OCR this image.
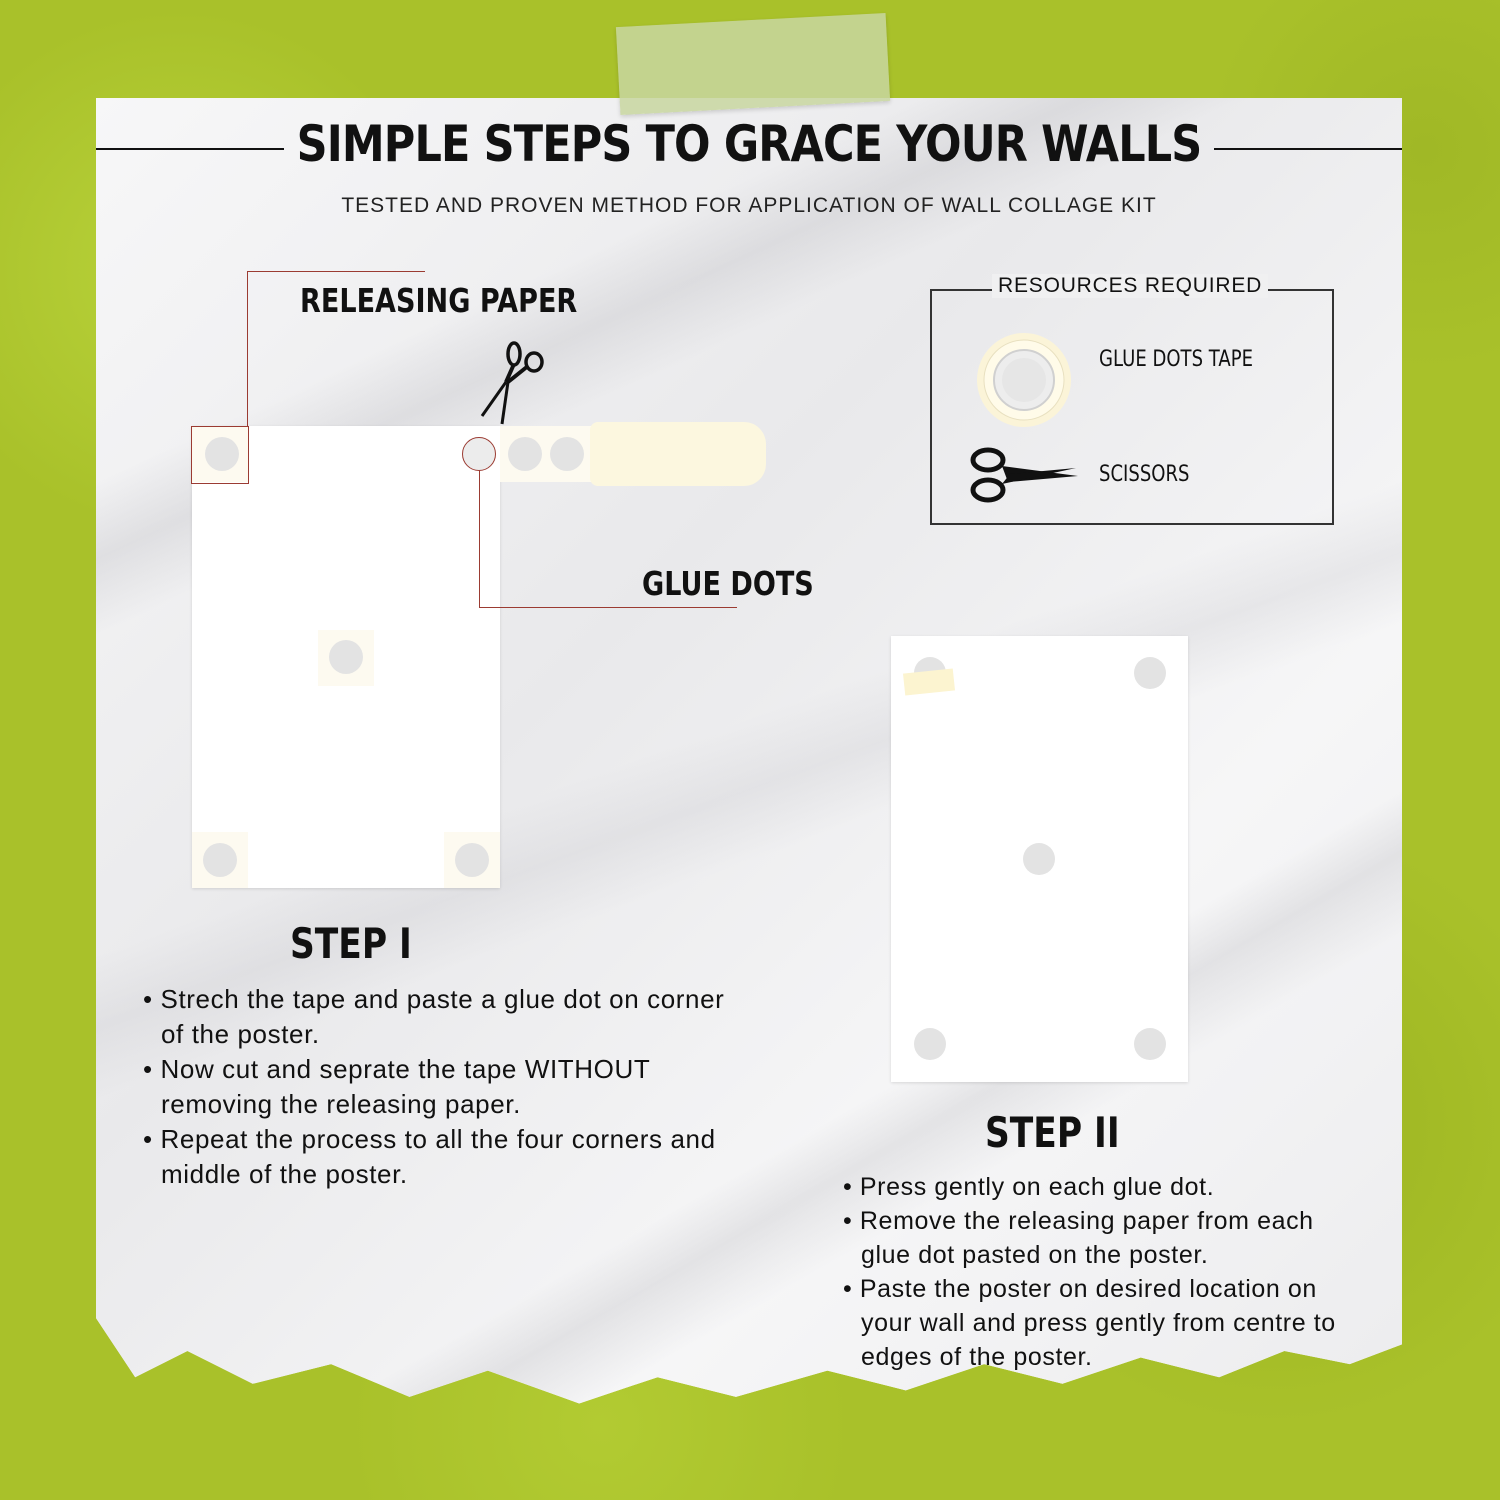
SIMPLE STEPS TO GRACE YOUR WALLS
TESTED AND PROVEN METHOD FOR APPLICATION OF WALL COLLAGE KIT
RELEASING PAPER
GLUE DOTS
RESOURCES REQUIRED
GLUE DOTS TAPE
SCISSORS
STEP I
• Strech the tape and paste a glue dot on corner of the poster.
• Now cut and seprate the tape WITHOUT removing the releasing paper.
• Repeat the process to all the four corners and middle of the poster.
STEP II
• Press gently on each glue dot.
• Remove the releasing paper from each glue dot pasted on the poster.
• Paste the poster on desired location on your wall and press gently from centre to edges of the poster.
